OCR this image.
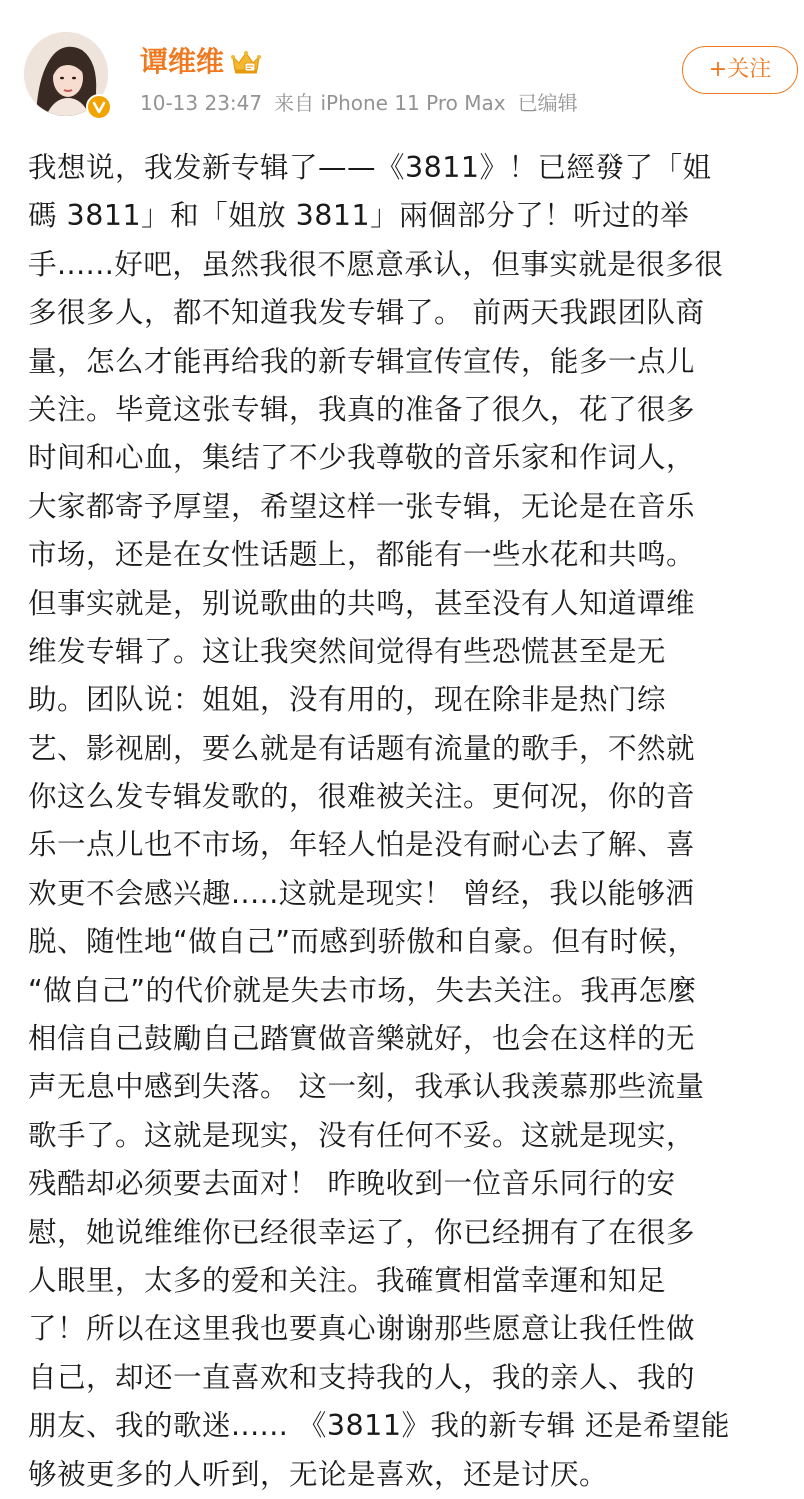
谭维维
10-13 23:47 来自 iPhone 11 Pro Max 已编辑
+关注
我想说，我发新专辑了——《3811》！已經發了「姐
碼 3811」和「姐放 3811」兩個部分了！听过的举
手......好吧，虽然我很不愿意承认，但事实就是很多很
多很多人，都不知道我发专辑了。 前两天我跟团队商
量，怎么才能再给我的新专辑宣传宣传，能多一点儿
关注。毕竟这张专辑，我真的准备了很久，花了很多
时间和心血，集结了不少我尊敬的音乐家和作词人，
大家都寄予厚望，希望这样一张专辑，无论是在音乐
市场，还是在女性话题上，都能有一些水花和共鸣。
但事实就是，别说歌曲的共鸣，甚至没有人知道谭维
维发专辑了。这让我突然间觉得有些恐慌甚至是无
助。团队说：姐姐，没有用的，现在除非是热门综
艺、影视剧，要么就是有话题有流量的歌手，不然就
你这么发专辑发歌的，很难被关注。更何况，你的音
乐一点儿也不市场，年轻人怕是没有耐心去了解、喜
欢更不会感兴趣.....这就是现实！ 曾经，我以能够洒
脱、随性地“做自己”而感到骄傲和自豪。但有时候，
“做自己”的代价就是失去市场，失去关注。我再怎麼
相信自己鼓勵自己踏實做音樂就好，也会在这样的无
声无息中感到失落。 这一刻，我承认我羡慕那些流量
歌手了。这就是现实，没有任何不妥。这就是现实，
残酷却必须要去面对！ 昨晚收到一位音乐同行的安
慰，她说维维你已经很幸运了，你已经拥有了在很多
人眼里，太多的爱和关注。我確實相當幸運和知足
了！所以在这里我也要真心谢谢那些愿意让我任性做
自己，却还一直喜欢和支持我的人，我的亲人、我的
朋友、我的歌迷...... 《3811》我的新专辑 还是希望能
够被更多的人听到，无论是喜欢，还是讨厌。
